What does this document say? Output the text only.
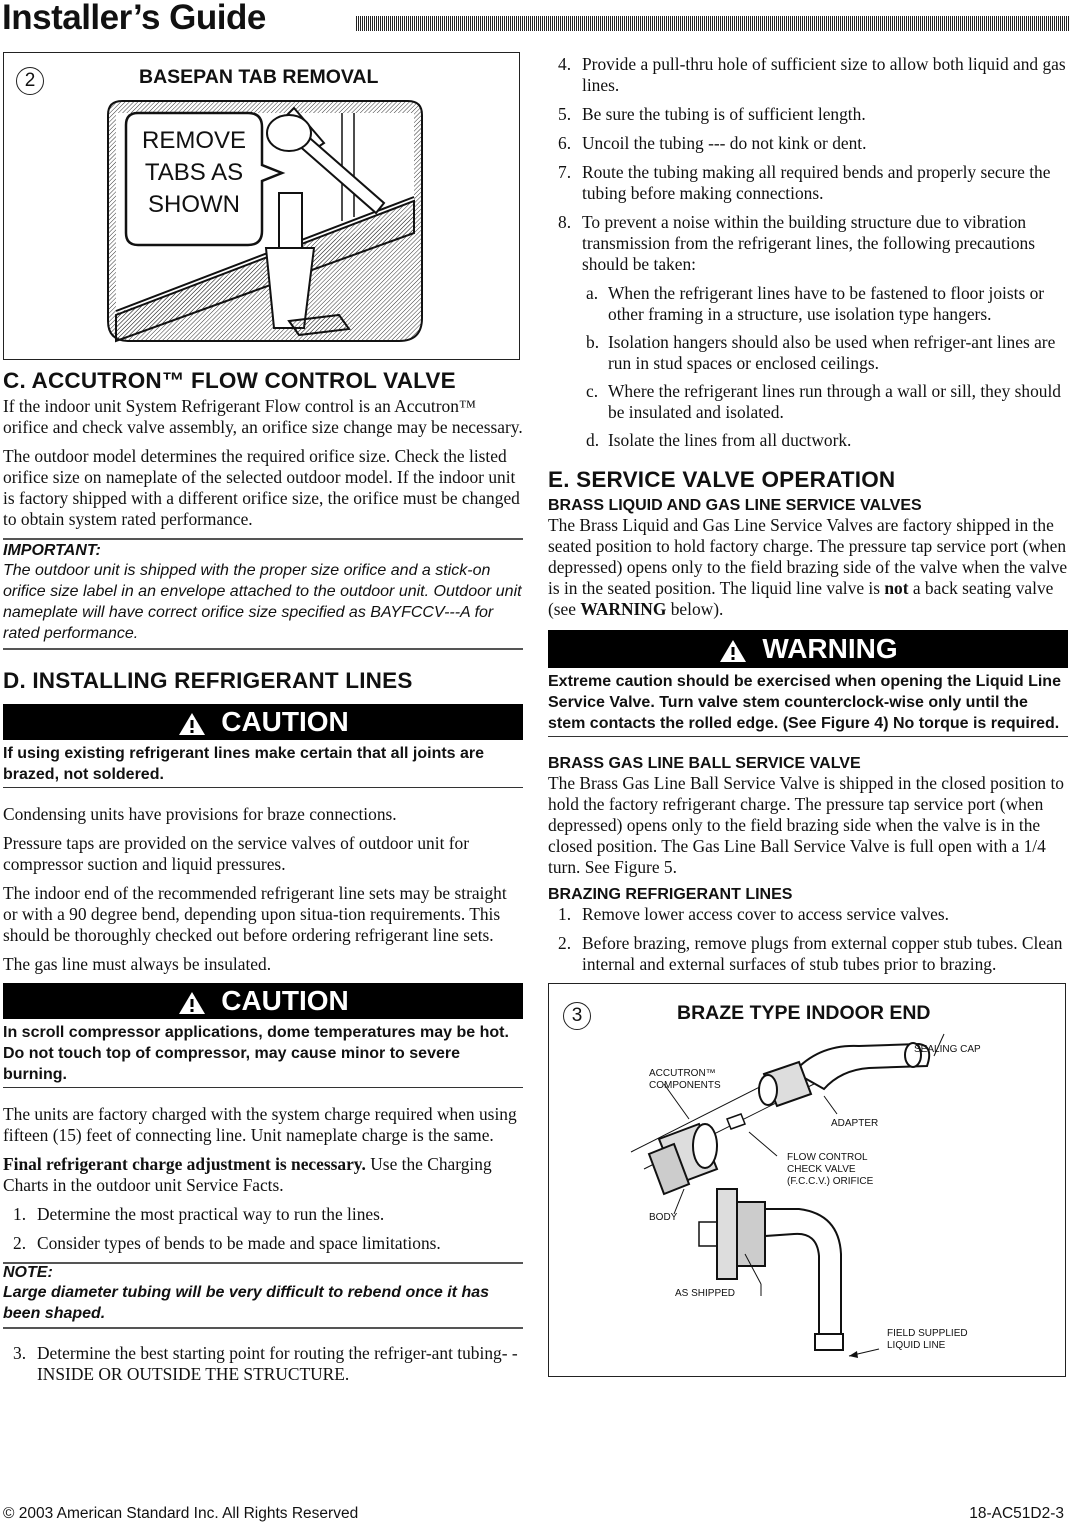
Installer’s Guide
2	BASEPAN TAB REMOVAL
REMOVE
TABS AS
SHOWN
C. ACCUTRON™ FLOW CONTROL VALVE

If the indoor unit System Refrigerant Flow control is an Accutron™ orifice and check valve assembly, an orifice size change may be necessary.

The outdoor model determines the required orifice size. Check the listed orifice size on nameplate of the selected outdoor model. If the indoor unit is factory shipped with a different orifice size, the orifice must be changed to obtain system rated performance.

IMPORTANT:
The outdoor unit is shipped with the proper size orifice and a stick-on orifice size label in an envelope attached to the outdoor unit. Outdoor unit nameplate will have correct orifice size specified as BAYFCCV---A for rated performance.
D. INSTALLING REFRIGERANT LINES
CAUTION
If using existing refrigerant lines make certain that all joints are brazed, not soldered.

Condensing units have provisions for braze connections.

Pressure taps are provided on the service valves of outdoor unit for compressor suction and liquid pressures.

The indoor end of the recommended refrigerant line sets may be straight or with a 90 degree bend, depending upon situa-tion requirements. This should be thoroughly checked out before ordering refrigerant line sets.

The gas line must always be insulated.

CAUTION
In scroll compressor applications, dome temperatures may be hot. Do not touch top of compressor, may cause minor to severe burning.

The units are factory charged with the system charge required when using fifteen (15) feet of connecting line. Unit nameplate charge is the same.

Final refrigerant charge adjustment is necessary. Use the Charging Charts in the outdoor unit Service Facts.

1. Determine the most practical way to run the lines.
2. Consider types of bends to be made and space limitations.
NOTE:
Large diameter tubing will be very difficult to rebend once it has been shaped.
3. Determine the best starting point for routing the refriger-ant tubing- -INSIDE OR OUTSIDE THE STRUCTURE.
4. Provide a pull-thru hole of sufficient size to allow both liquid and gas lines.
5. Be sure the tubing is of sufficient length.
6. Uncoil the tubing --- do not kink or dent.
7. Route the tubing making all required bends and properly secure the tubing before making connections.
8. To prevent a noise within the building structure due to vibration transmission from the refrigerant lines, the following precautions should be taken:
a. When the refrigerant lines have to be fastened to floor joists or other framing in a structure, use isolation type hangers.
b. Isolation hangers should also be used when refriger-ant lines are run in stud spaces or enclosed ceilings.
c. Where the refrigerant lines run through a wall or sill, they should be insulated and isolated.
d. Isolate the lines from all ductwork.
E. SERVICE VALVE OPERATION
BRASS LIQUID AND GAS LINE SERVICE VALVES

The Brass Liquid and Gas Line Service Valves are factory shipped in the seated position to hold factory charge. The pressure tap service port (when depressed) opens only to the field brazing side of the valve when the valve is in the seated position. The liquid line valve is not a back seating valve (see WARNING below).

WARNING
Extreme caution should be exercised when opening the Liquid Line Service Valve. Turn valve stem counterclock-wise only until the stem contacts the rolled edge. (See Figure 4) No torque is required.
BRASS GAS LINE BALL SERVICE VALVE

The Brass Gas Line Ball Service Valve is shipped in the closed position to hold the factory refrigerant charge. The pressure tap service port (when depressed) opens only to the field brazing side when the valve is in the closed position. The Gas Line Ball Service Valve is full open with a 1/4 turn. See Figure 5.

BRAZING REFRIGERANT LINES
1. Remove lower access cover to access service valves.
2. Before brazing, remove plugs from external copper stub tubes. Clean internal and external surfaces of stub tubes prior to brazing.
3	BRAZE TYPE INDOOR END
SEALING CAP
ACCUTRON™
COMPONENTS
ADAPTER
FLOW CONTROL
CHECK VALVE
(F.C.C.V.) ORIFICE
BODY
AS SHIPPED
FIELD SUPPLIED
LIQUID LINE
© 2003 American Standard Inc. All Rights Reserved	18-AC51D2-3
